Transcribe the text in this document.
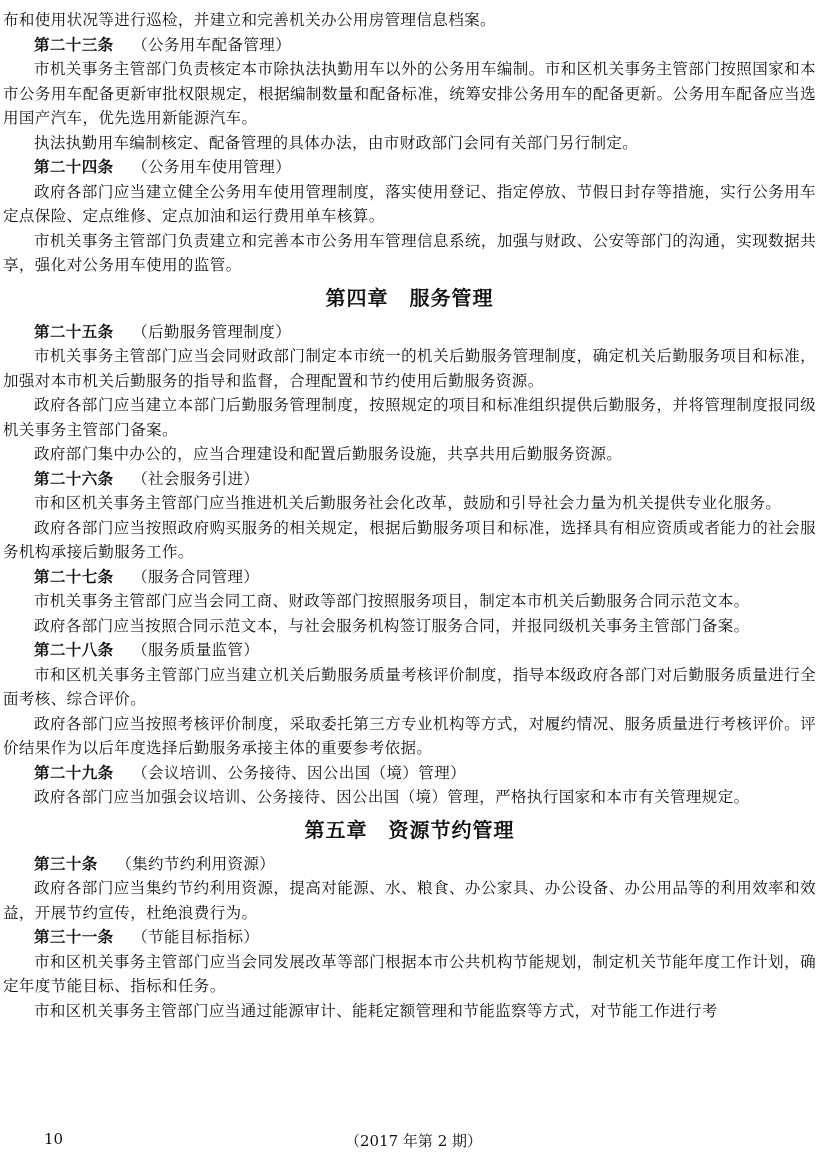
布和使用状况等进行巡检，并建立和完善机关办公用房管理信息档案。

第二十三条 （公务用车配备管理）

市机关事务主管部门负责核定本市除执法执勤用车以外的公务用车编制。市和区机关事务主管部门按照国家和本市公务用车配备更新审批权限规定，根据编制数量和配备标准，统筹安排公务用车的配备更新。公务用车配备应当选用国产汽车，优先选用新能源汽车。

执法执勤用车编制核定、配备管理的具体办法，由市财政部门会同有关部门另行制定。

第二十四条 （公务用车使用管理）

政府各部门应当建立健全公务用车使用管理制度，落实使用登记、指定停放、节假日封存等措施，实行公务用车定点保险、定点维修、定点加油和运行费用单车核算。

市机关事务主管部门负责建立和完善本市公务用车管理信息系统，加强与财政、公安等部门的沟通，实现数据共享，强化对公务用车使用的监管。

第四章　服务管理

第二十五条 （后勤服务管理制度）

市机关事务主管部门应当会同财政部门制定本市统一的机关后勤服务管理制度，确定机关后勤服务项目和标准，加强对本市机关后勤服务的指导和监督，合理配置和节约使用后勤服务资源。

政府各部门应当建立本部门后勤服务管理制度，按照规定的项目和标准组织提供后勤服务，并将管理制度报同级机关事务主管部门备案。

政府部门集中办公的，应当合理建设和配置后勤服务设施，共享共用后勤服务资源。

第二十六条 （社会服务引进）

市和区机关事务主管部门应当推进机关后勤服务社会化改革，鼓励和引导社会力量为机关提供专业化服务。

政府各部门应当按照政府购买服务的相关规定，根据后勤服务项目和标准，选择具有相应资质或者能力的社会服务机构承接后勤服务工作。

第二十七条 （服务合同管理）

市机关事务主管部门应当会同工商、财政等部门按照服务项目，制定本市机关后勤服务合同示范文本。

政府各部门应当按照合同示范文本，与社会服务机构签订服务合同，并报同级机关事务主管部门备案。

第二十八条 （服务质量监管）

市和区机关事务主管部门应当建立机关后勤服务质量考核评价制度，指导本级政府各部门对后勤服务质量进行全面考核、综合评价。

政府各部门应当按照考核评价制度，采取委托第三方专业机构等方式，对履约情况、服务质量进行考核评价。评价结果作为以后年度选择后勤服务承接主体的重要参考依据。

第二十九条 （会议培训、公务接待、因公出国（境）管理）

政府各部门应当加强会议培训、公务接待、因公出国（境）管理，严格执行国家和本市有关管理规定。

第五章　资源节约管理

第三十条 （集约节约利用资源）

政府各部门应当集约节约利用资源，提高对能源、水、粮食、办公家具、办公设备、办公用品等的利用效率和效益，开展节约宣传，杜绝浪费行为。

第三十一条 （节能目标指标）

市和区机关事务主管部门应当会同发展改革等部门根据本市公共机构节能规划，制定机关节能年度工作计划，确定年度节能目标、指标和任务。

市和区机关事务主管部门应当通过能源审计、能耗定额管理和节能监察等方式，对节能工作进行考

10	（2017 年第 2 期）
